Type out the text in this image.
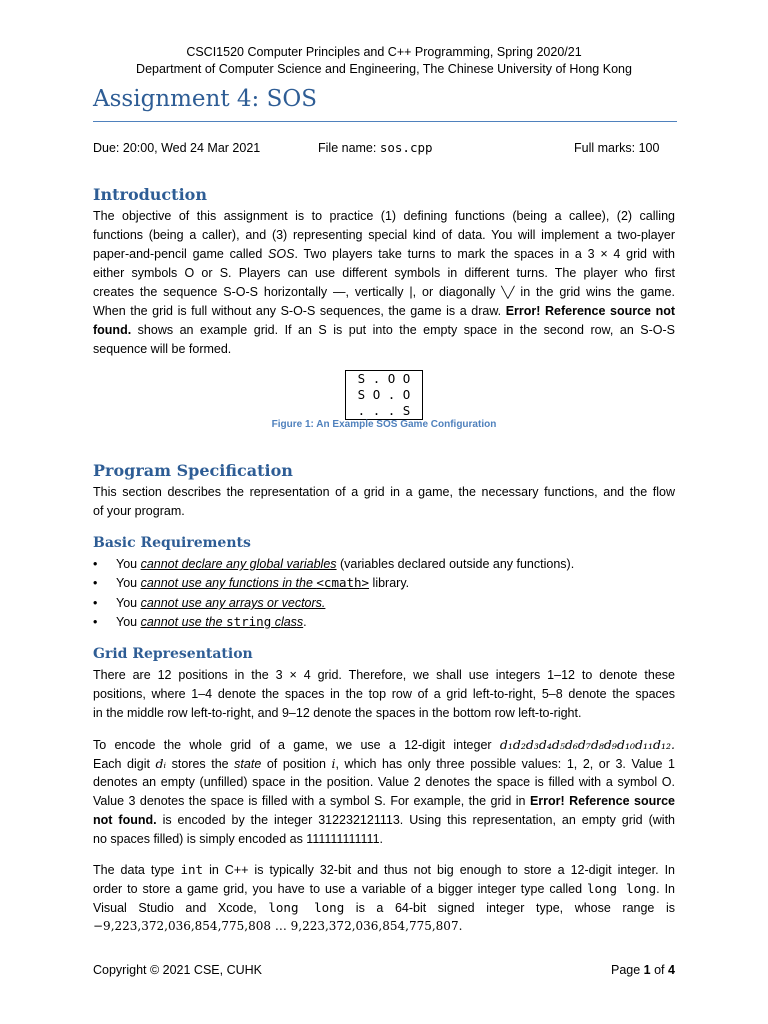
CSCI1520 Computer Principles and C++ Programming, Spring 2020/21
Department of Computer Science and Engineering, The Chinese University of Hong Kong
Assignment 4: SOS
Due: 20:00, Wed 24 Mar 2021	File name: sos.cpp	Full marks: 100
Introduction
The objective of this assignment is to practice (1) defining functions (being a callee), (2) calling
functions (being a caller), and (3) representing special kind of data. You will implement a two-player
paper-and-pencil game called SOS. Two players take turns to mark the spaces in a 3 × 4 grid with
either symbols O or S. Players can use different symbols in different turns. The player who first
creates the sequence S-O-S horizontally —, vertically |, or diagonally ╲╱ in the grid wins the game.
When the grid is full without any S-O-S sequences, the game is a draw. Error! Reference source not
found. shows an example grid. If an S is put into the empty space in the second row, an S-O-S
sequence will be formed.
S . O O
S O . O
. . . S
Figure 1: An Example SOS Game Configuration
Program Specification
This section describes the representation of a grid in a game, the necessary functions, and the flow
of your program.
Basic Requirements
• You cannot declare any global variables (variables declared outside any functions).
• You cannot use any functions in the <cmath> library.
• You cannot use any arrays or vectors.
• You cannot use the string class.
Grid Representation
There are 12 positions in the 3 × 4 grid. Therefore, we shall use integers 1–12 to denote these
positions, where 1–4 denote the spaces in the top row of a grid left-to-right, 5–8 denote the spaces
in the middle row left-to-right, and 9–12 denote the spaces in the bottom row left-to-right.
To encode the whole grid of a game, we use a 12-digit integer d₁d₂d₃d₄d₅d₆d₇d₈d₉d₁₀d₁₁d₁₂.
Each digit dᵢ stores the state of position i, which has only three possible values: 1, 2, or 3. Value 1
denotes an empty (unfilled) space in the position. Value 2 denotes the space is filled with a symbol O.
Value 3 denotes the space is filled with a symbol S. For example, the grid in Error! Reference source
not found. is encoded by the integer 312232121113. Using this representation, an empty grid (with
no spaces filled) is simply encoded as 111111111111.
The data type int in C++ is typically 32-bit and thus not big enough to store a 12-digit integer. In
order to store a game grid, you have to use a variable of a bigger integer type called long long. In
Visual Studio and Xcode, long long is a 64-bit signed integer type, whose range is
−9,223,372,036,854,775,808 … 9,223,372,036,854,775,807.
Copyright © 2021 CSE, CUHK	Page 1 of 4
